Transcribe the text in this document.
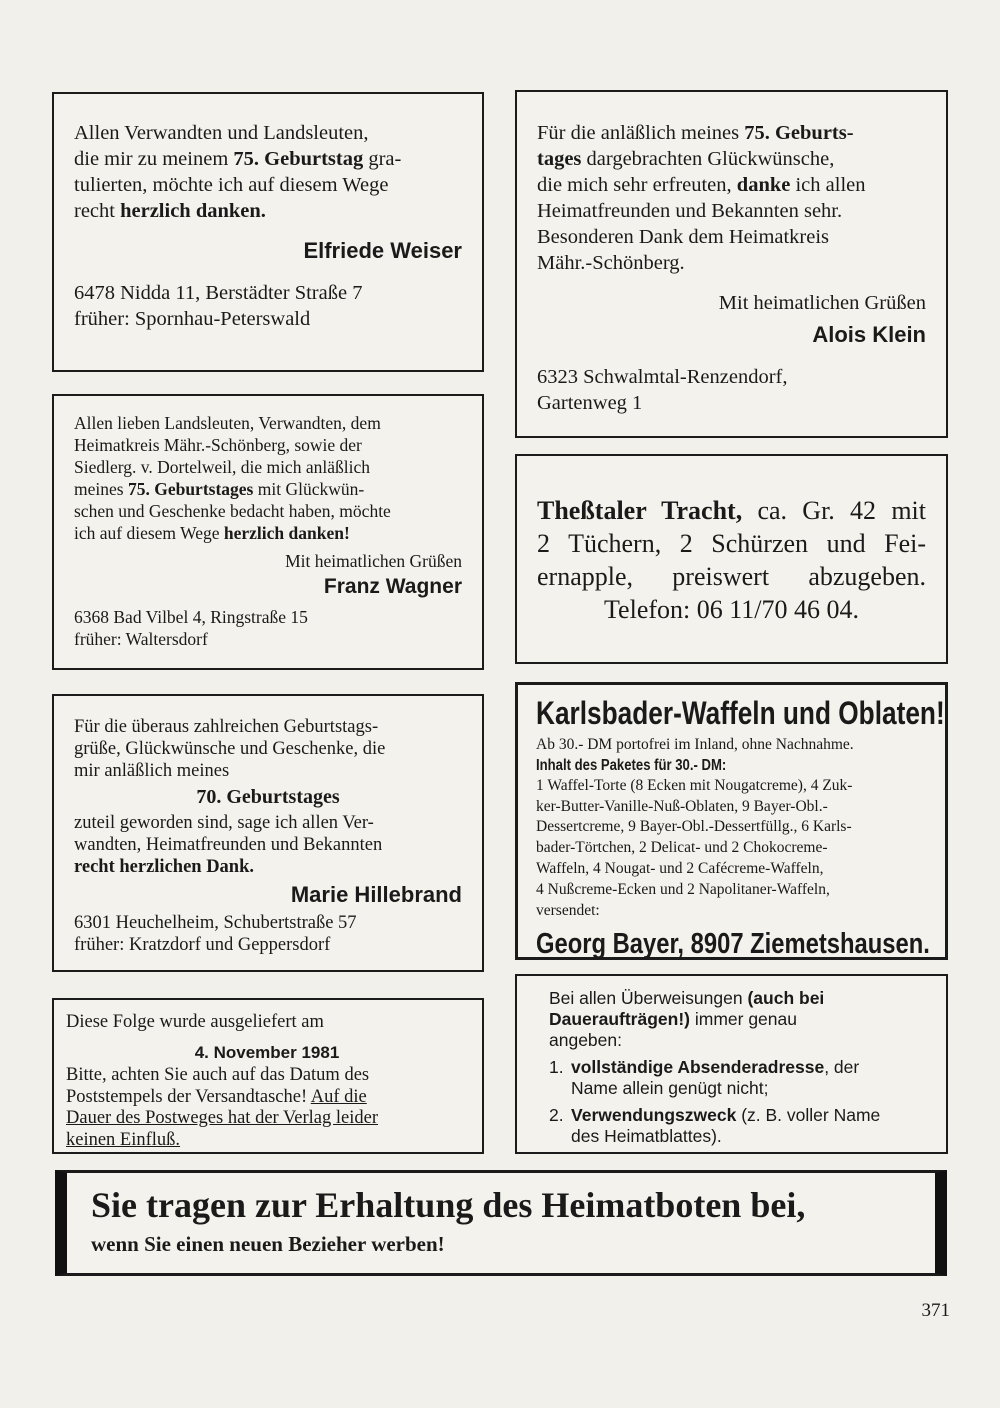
Allen Verwandten und Landsleuten,
die mir zu meinem 75. Geburtstag gra-
tulierten, möchte ich auf diesem Wege
recht herzlich danken.

Elfriede Weiser
6478 Nidda 11, Berstädter Straße 7
früher: Spornhau-Peterswald

Für die anläßlich meines 75. Geburts-
tages dargebrachten Glückwünsche,
die mich sehr erfreuten, danke ich allen
Heimatfreunden und Bekannten sehr.
Besonderen Dank dem Heimatkreis
Mähr.-Schönberg.

Mit heimatlichen Grüßen
Alois Klein
6323 Schwalmtal-Renzendorf,
Gartenweg 1

Allen lieben Landsleuten, Verwandten, dem
Heimatkreis Mähr.-Schönberg, sowie der
Siedlerg. v. Dortelweil, die mich anläßlich
meines 75. Geburtstages mit Glückwün-
schen und Geschenke bedacht haben, möchte
ich auf diesem Wege herzlich danken!

Mit heimatlichen Grüßen
Franz Wagner
6368 Bad Vilbel 4, Ringstraße 15
früher: Waltersdorf
Theßtaler Tracht, ca. Gr. 42 mit
2 Tüchern, 2 Schürzen und Fei-
ernapple, preiswert abzugeben.
Telefon: 06 11/70 46 04.

Für die überaus zahlreichen Geburtstags-
grüße, Glückwünsche und Geschenke, die
mir anläßlich meines

70. Geburtstages

zuteil geworden sind, sage ich allen Ver-
wandten, Heimatfreunden und Bekannten
recht herzlichen Dank.

Marie Hillebrand
6301 Heuchelheim, Schubertstraße 57
früher: Kratzdorf und Geppersdorf
Karlsbader-Waffeln und Oblaten!
Ab 30.- DM portofrei im Inland, ohne Nachnahme.
Inhalt des Paketes für 30.- DM:

1 Waffel-Torte (8 Ecken mit Nougatcreme), 4 Zuk-
ker-Butter-Vanille-Nuß-Oblaten, 9 Bayer-Obl.-
Dessertcreme, 9 Bayer-Obl.-Dessertfüllg., 6 Karls-
bader-Törtchen, 2 Delicat- und 2 Chokocreme-
Waffeln, 4 Nougat- und 2 Cafécreme-Waffeln,
4 Nußcreme-Ecken und 2 Napolitaner-Waffeln,
versendet:

Georg Bayer, 8907 Ziemetshausen.
Diese Folge wurde ausgeliefert am
4. November 1981

Bitte, achten Sie auch auf das Datum des
Poststempels der Versandtasche! Auf die
Dauer des Postweges hat der Verlag leider
keinen Einfluß.

Bei allen Überweisungen (auch bei
Daueraufträgen!) immer genau
angeben:
1. vollständige Absenderadresse, der
Name allein genügt nicht;
2. Verwendungszweck (z. B. voller Name
des Heimatblattes).
Sie tragen zur Erhaltung des Heimatboten bei,
wenn Sie einen neuen Bezieher werben!
371
